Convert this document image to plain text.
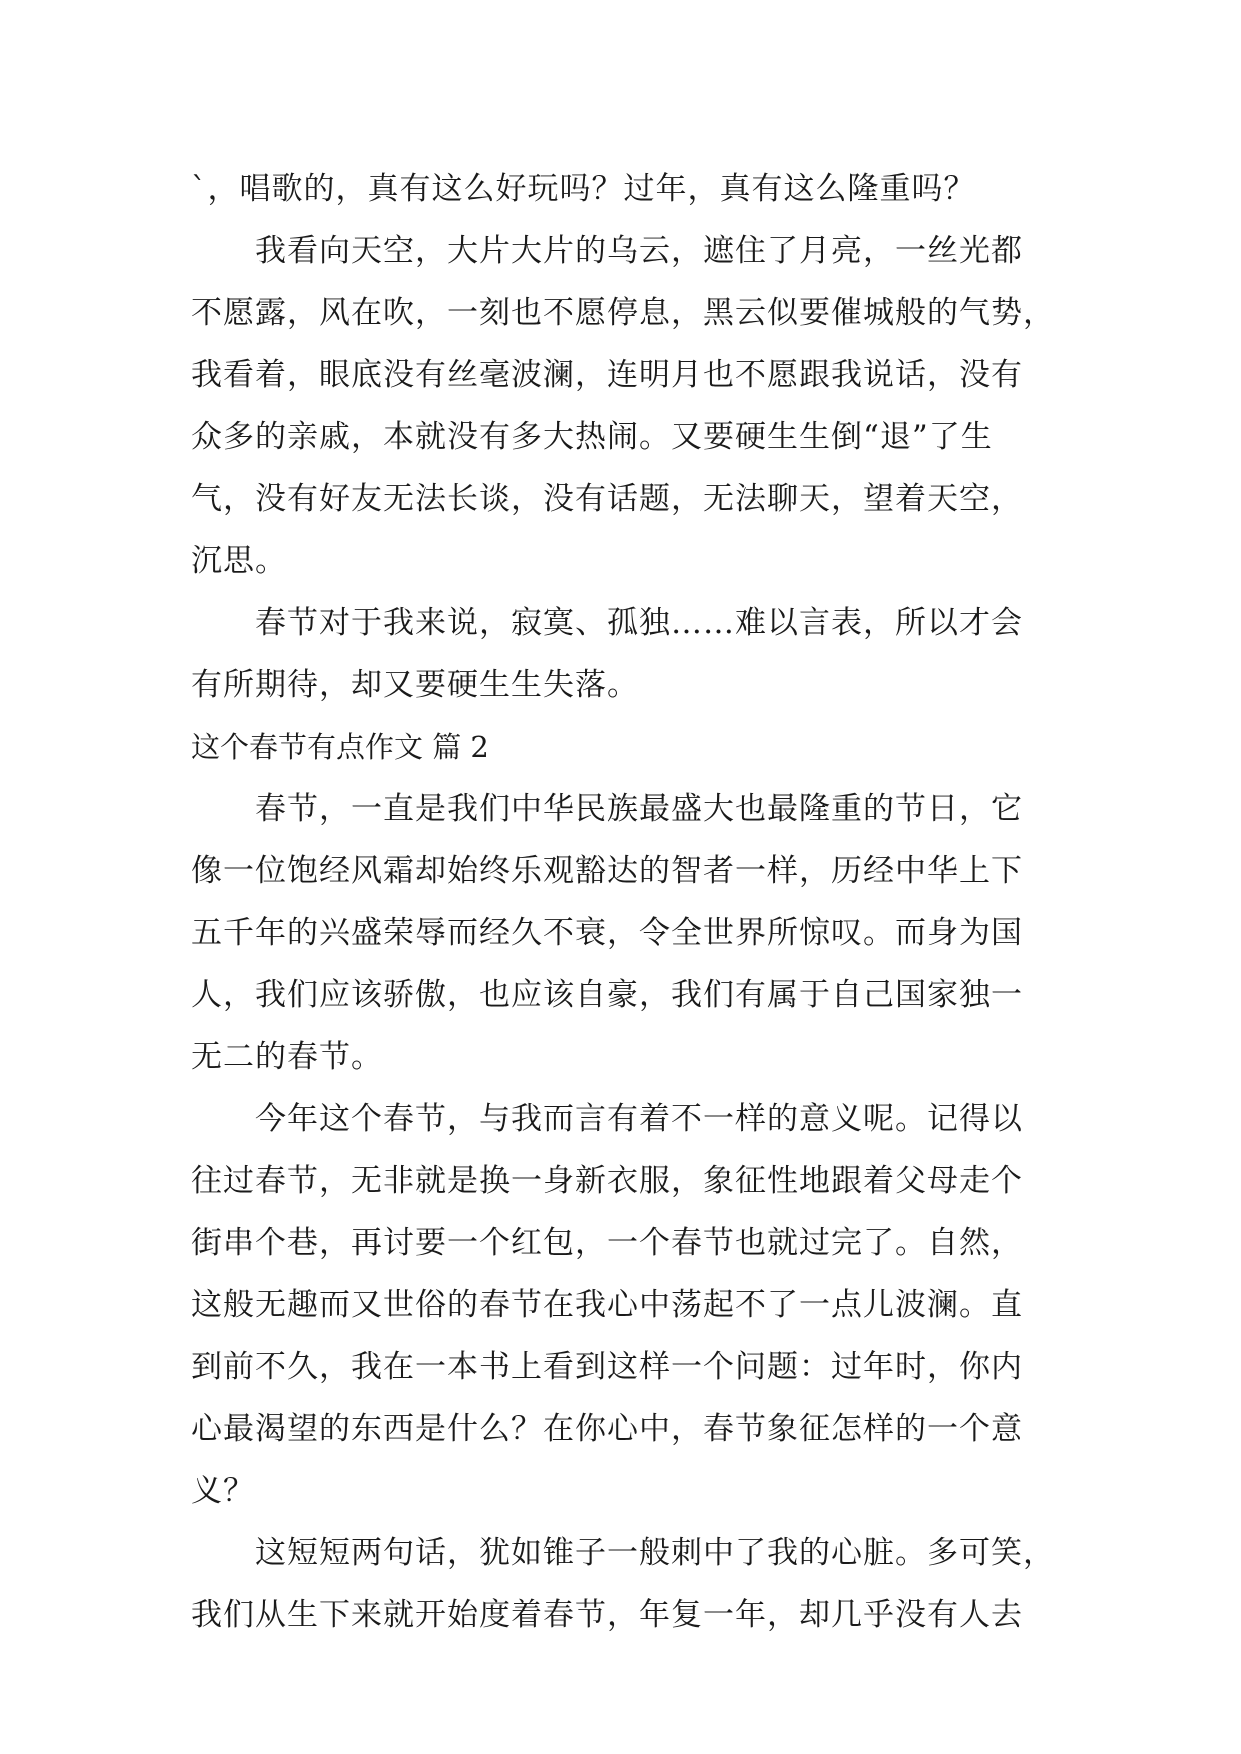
`，唱歌的，真有这么好玩吗？过年，真有这么隆重吗？
我看向天空，大片大片的乌云，遮住了月亮，一丝光都
不愿露，风在吹，一刻也不愿停息，黑云似要催城般的气势，
我看着，眼底没有丝毫波澜，连明月也不愿跟我说话，没有
众多的亲戚，本就没有多大热闹。又要硬生生倒“退”了生
气，没有好友无法长谈，没有话题，无法聊天，望着天空，
沉思。
春节对于我来说，寂寞、孤独……难以言表，所以才会
有所期待，却又要硬生生失落。
这个春节有点作文 篇 2
春节，一直是我们中华民族最盛大也最隆重的节日，它
像一位饱经风霜却始终乐观豁达的智者一样，历经中华上下
五千年的兴盛荣辱而经久不衰，令全世界所惊叹。而身为国
人，我们应该骄傲，也应该自豪，我们有属于自己国家独一
无二的春节。
今年这个春节，与我而言有着不一样的意义呢。记得以
往过春节，无非就是换一身新衣服，象征性地跟着父母走个
街串个巷，再讨要一个红包，一个春节也就过完了。自然，
这般无趣而又世俗的春节在我心中荡起不了一点儿波澜。直
到前不久，我在一本书上看到这样一个问题：过年时，你内
心最渴望的东西是什么？在你心中，春节象征怎样的一个意
义？
这短短两句话，犹如锥子一般刺中了我的心脏。多可笑，
我们从生下来就开始度着春节，年复一年，却几乎没有人去
